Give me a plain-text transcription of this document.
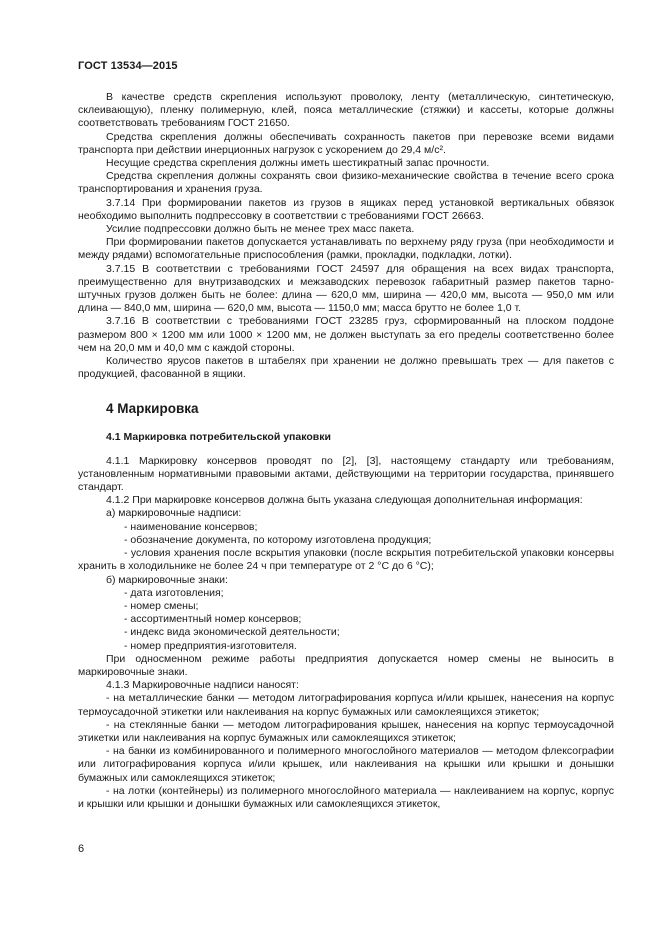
ГОСТ 13534—2015

В качестве средств скрепления используют проволоку, ленту (металлическую, синтетическую, склеивающую), пленку полимерную, клей, пояса металлические (стяжки) и кассеты, которые должны соответствовать требованиям ГОСТ 21650.

Средства скрепления должны обеспечивать сохранность пакетов при перевозке всеми видами транспорта при действии инерционных нагрузок с ускорением до 29,4 м/с².

Несущие средства скрепления должны иметь шестикратный запас прочности.

Средства скрепления должны сохранять свои физико-механические свойства в течение всего срока транспортирования и хранения груза.

3.7.14 При формировании пакетов из грузов в ящиках перед установкой вертикальных обвязок необходимо выполнить подпрессовку в соответствии с требованиями ГОСТ 26663.

Усилие подпрессовки должно быть не менее трех масс пакета.

При формировании пакетов допускается устанавливать по верхнему ряду груза (при необходимости и между рядами) вспомогательные приспособления (рамки, прокладки, подкладки, лотки).

3.7.15 В соответствии с требованиями ГОСТ 24597 для обращения на всех видах транспорта, преимущественно для внутризаводских и межзаводских перевозок габаритный размер пакетов тарно-штучных грузов должен быть не более: длина — 620,0 мм, ширина — 420,0 мм, высота — 950,0 мм или длина — 840,0 мм, ширина — 620,0 мм, высота — 1150,0 мм; масса брутто не более 1,0 т.

3.7.16 В соответствии с требованиями ГОСТ 23285 груз, сформированный на плоском поддоне размером 800 × 1200 мм или 1000 × 1200 мм, не должен выступать за его пределы соответственно более чем на 20,0 мм и 40,0 мм с каждой стороны.

Количество ярусов пакетов в штабелях при хранении не должно превышать трех — для пакетов с продукцией, фасованной в ящики.

4 Маркировка
4.1 Маркировка потребительской упаковки

4.1.1 Маркировку консервов проводят по [2], [3], настоящему стандарту или требованиям, установленным нормативными правовыми актами, действующими на территории государства, принявшего стандарт.

4.1.2 При маркировке консервов должна быть указана следующая дополнительная информация:

а) маркировочные надписи:

- наименование консервов;

- обозначение документа, по которому изготовлена продукция;

- условия хранения после вскрытия упаковки (после вскрытия потребительской упаковки консервы хранить в холодильнике не более 24 ч при температуре от 2 °С до 6 °С);

б) маркировочные знаки:

- дата изготовления;

- номер смены;

- ассортиментный номер консервов;

- индекс вида экономической деятельности;

- номер предприятия-изготовителя.

При односменном режиме работы предприятия допускается номер смены не выносить в маркировочные знаки.

4.1.3 Маркировочные надписи наносят:

- на металлические банки — методом литографирования корпуса и/или крышек, нанесения на корпус термоусадочной этикетки или наклеивания на корпус бумажных или самоклеящихся этикеток;

- на стеклянные банки — методом литографирования крышек, нанесения на корпус термоусадочной этикетки или наклеивания на корпус бумажных или самоклеящихся этикеток;

- на банки из комбинированного и полимерного многослойного материалов — методом флексографии или литографирования корпуса и/или крышек, или наклеивания на крышки или крышки и донышки бумажных или самоклеящихся этикеток;

- на лотки (контейнеры) из полимерного многослойного материала — наклеиванием на корпус, корпус и крышки или крышки и донышки бумажных или самоклеящихся этикеток,

6
